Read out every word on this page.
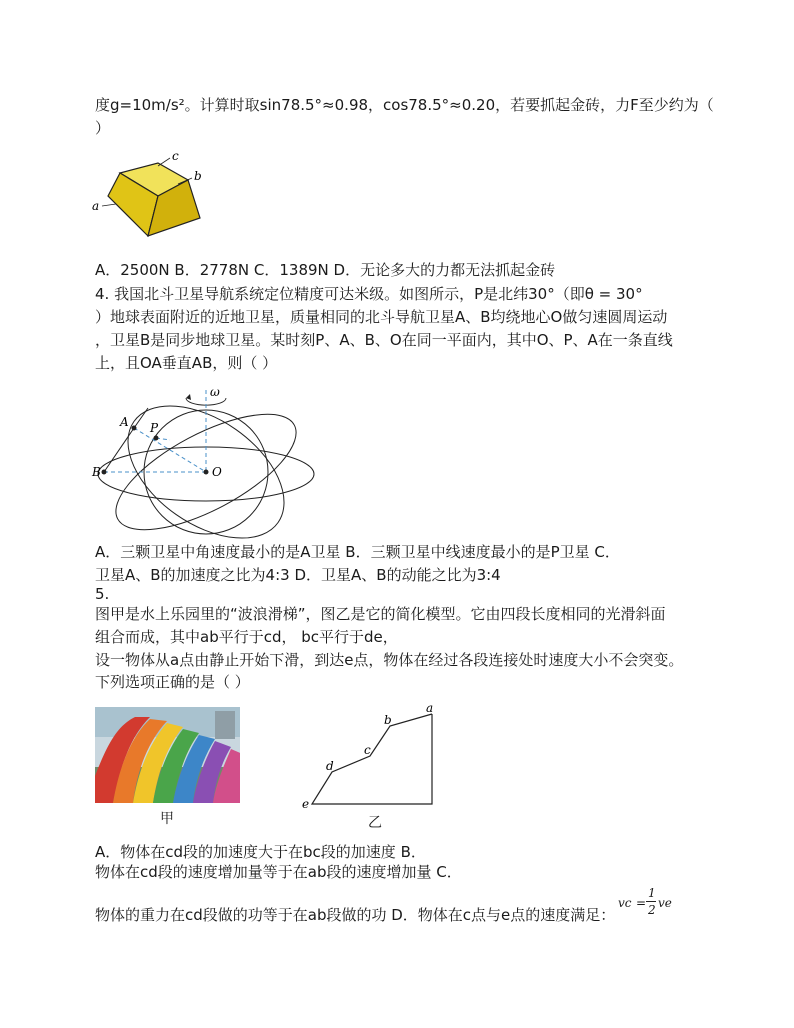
度g=10m/s²。计算时取sin78.5°≈0.98，cos78.5°≈0.20，若要抓起金砖，力F至少约为（
）
c
b
a
A．2500N B．2778N C．1389N D．无论多大的力都无法抓起金砖
4. 我国北斗卫星导航系统定位精度可达米级。如图所示，P是北纬30°（即θ = 30°
）地球表面附近的近地卫星，质量相同的北斗导航卫星A、B均绕地心O做匀速圆周运动
，卫星B是同步地球卫星。某时刻P、A、B、O在同一平面内，其中O、P、A在一条直线
上，且OA垂直AB，则（ ）
ω
A P
O
B
A．三颗卫星中角速度最小的是A卫星 B．三颗卫星中线速度最小的是P卫星 C．
卫星A、B的加速度之比为4:3 D．卫星A、B的动能之比为3:4
5.
图甲是水上乐园里的“波浪滑梯”，图乙是它的简化模型。它由四段长度相同的光滑斜面
组合而成，其中ab平行于cd， bc平行于de，
设一物体从a点由静止开始下滑，到达e点，物体在经过各段连接处时速度大小不会突变。
下列选项正确的是（ ）
甲
a
b
c
d
e
乙
A．物体在cd段的加速度大于在bc段的加速度 B．
物体在cd段的速度增加量等于在ab段的速度增加量 C．
物体的重力在cd段做的功等于在ab段做的功 D．物体在c点与e点的速度满足：
vc =
1
2 ve
